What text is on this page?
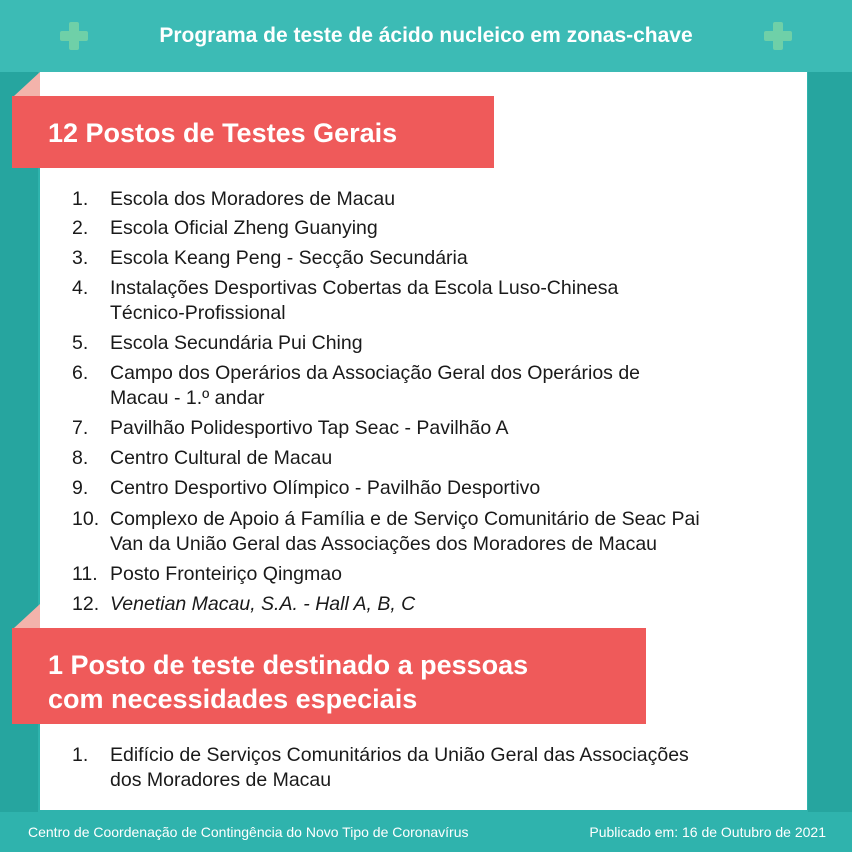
Programa de teste de ácido nucleico em zonas-chave
12 Postos de Testes Gerais
1. Escola dos Moradores de Macau
2. Escola Oficial Zheng Guanying
3. Escola Keang Peng - Secção Secundária
4. Instalações Desportivas Cobertas da Escola Luso-Chinesa
Técnico-Profissional
5. Escola Secundária Pui Ching
6. Campo dos Operários da Associação Geral dos Operários de
Macau - 1.º andar
7. Pavilhão Polidesportivo Tap Seac - Pavilhão A
8. Centro Cultural de Macau
9. Centro Desportivo Olímpico - Pavilhão Desportivo
10. Complexo de Apoio á Família e de Serviço Comunitário de Seac Pai
Van da União Geral das Associações dos Moradores de Macau
11. Posto Fronteiriço Qingmao
12. Venetian Macau, S.A. - Hall A, B, C
1 Posto de teste destinado a pessoas
com necessidades especiais
1. Edifício de Serviços Comunitários da União Geral das Associações
dos Moradores de Macau
Centro de Coordenação de Contingência do Novo Tipo de Coronavírus	Publicado em: 16 de Outubro de 2021
